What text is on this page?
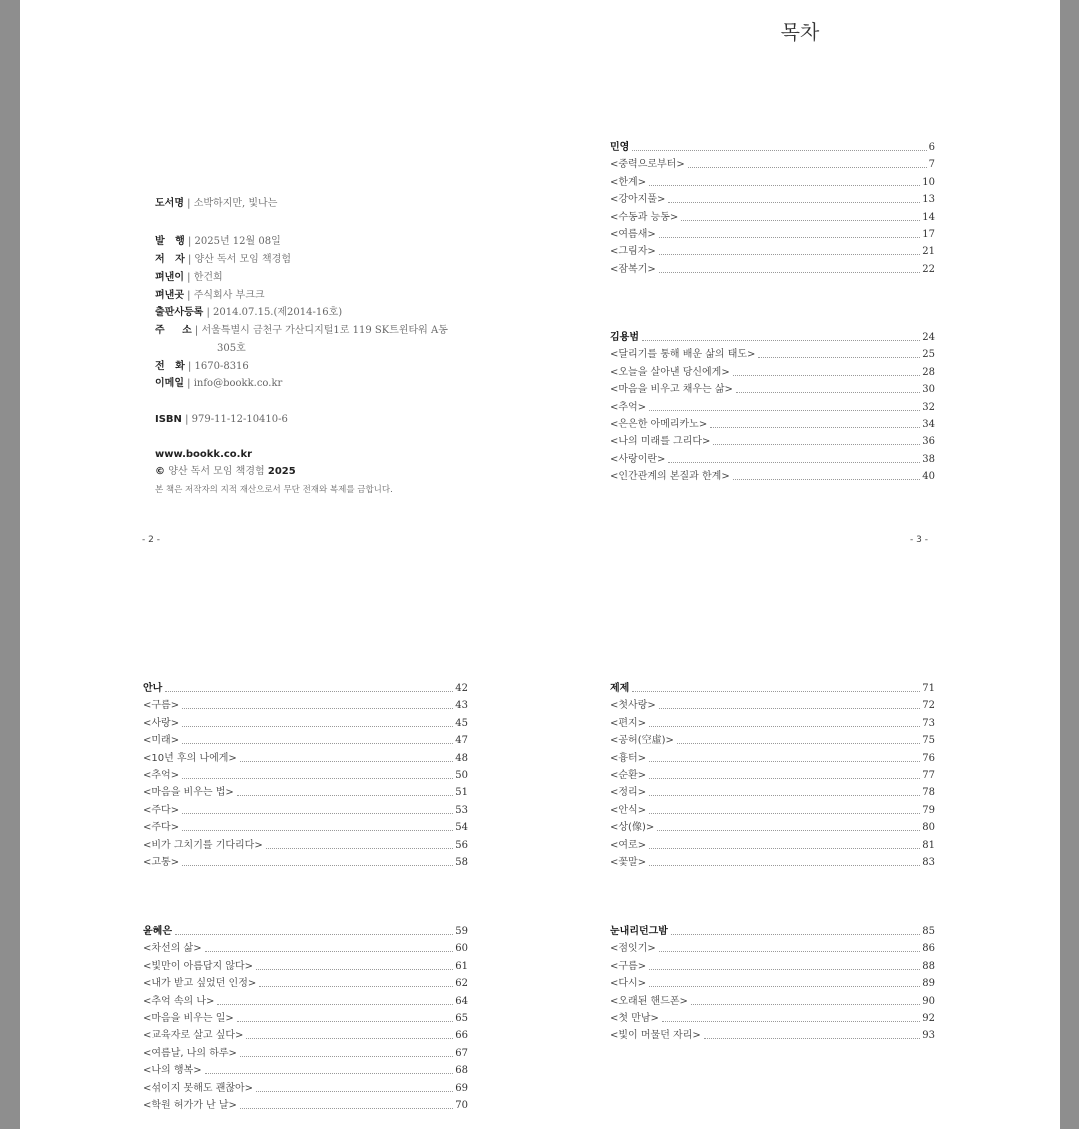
목차
도서명 | 소박하지만, 빛나는
발   행 | 2025년 12월 08일
저   자 | 양산 독서 모임 책경험
펴낸이 | 한건희
펴낸곳 | 주식회사 부크크
출판사등록 | 2014.07.15.(제2014-16호)
주     소 | 서울특별시 금천구 가산디지털1로 119 SK트윈타워 A동
305호
전   화 | 1670-8316
이메일 | info@bookk.co.kr
ISBN | 979-11-12-10410-6
www.bookk.co.kr
© 양산 독서 모임 책경험 2025
본 책은 저작자의 지적 재산으로서 무단 전재와 복제를 금합니다.
- 2 -	- 3 -
민영	6
<중력으로부터>	7
<한계>	10
<강아지풀>	13
<수동과 능동>	14
<여름새>	17
<그림자>	21
<잠복기>	22
김용범	24
<달리기를 통해 배운 삶의 태도>	25
<오늘을 살아낸 당신에게>	28
<마음을 비우고 채우는 삶>	30
<추억>	32
<은은한 아메리카노>	34
<나의 미래를 그리다>	36
<사랑이란>	38
<인간관계의 본질과 한계>	40
안나	42
<구름>	43
<사랑>	45
<미래>	47
<10년 후의 나에게>	48
<추억>	50
<마음을 비우는 법>	51
<주다>	53
<주다>	54
<비가 그치기를 기다리다>	56
<고통>	58
제제	71
<첫사랑>	72
<편지>	73
<공허(空虛)>	75
<흉터>	76
<순환>	77
<정리>	78
<안식>	79
<상(像)>	80
<여로>	81
<꽃말>	83
윤혜은	59
<차선의 삶>	60
<빛만이 아름답지 않다>	61
<내가 받고 싶었던 인정>	62
<추억 속의 나>	64
<마음을 비우는 일>	65
<교육자로 살고 싶다>	66
<여름날, 나의 하루>	67
<나의 행복>	68
<섞이지 못해도 괜찮아>	69
<학원 허가가 난 날>	70
눈내리던그밤	85
<점잇기>	86
<구름>	88
<다시>	89
<오래된 핸드폰>	90
<첫 만남>	92
<빛이 머물던 자리>	93
